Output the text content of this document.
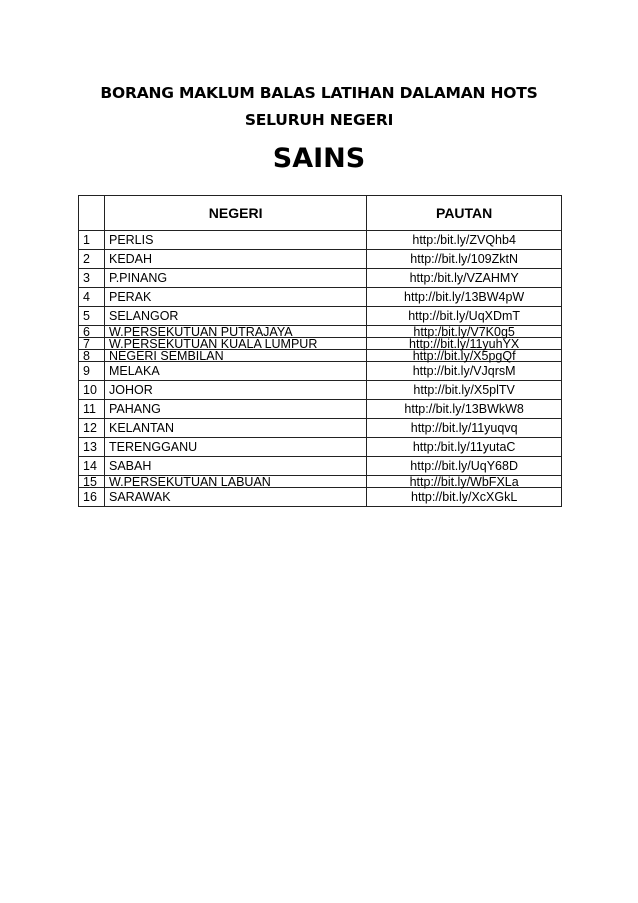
BORANG MAKLUM BALAS LATIHAN DALAMAN HOTS
SELURUH NEGERI
SAINS
	NEGERI	PAUTAN
1	PERLIS	http:/bit.ly/ZVQhb4
2	KEDAH	http://bit.ly/109ZktN
3	P.PINANG	http:/bit.ly/VZAHMY
4	PERAK	http://bit.ly/13BW4pW
5	SELANGOR	http://bit.ly/UqXDmT
6	W.PERSEKUTUAN PUTRAJAYA	http:/bit.ly/V7K0g5
7	W.PERSEKUTUAN KUALA LUMPUR	http://bit.ly/11yuhYX
8	NEGERI SEMBILAN	http://bit.ly/X5pgQf
9	MELAKA	http://bit.ly/VJqrsM
10	JOHOR	http://bit.ly/X5plTV
11	PAHANG	http://bit.ly/13BWkW8
12	KELANTAN	http://bit.ly/11yuqvq
13	TERENGGANU	http:/bit.ly/11yutaC
14	SABAH	http://bit.ly/UqY68D
15	W.PERSEKUTUAN LABUAN	http://bit.ly/WbFXLa
16	SARAWAK	http://bit.ly/XcXGkL
